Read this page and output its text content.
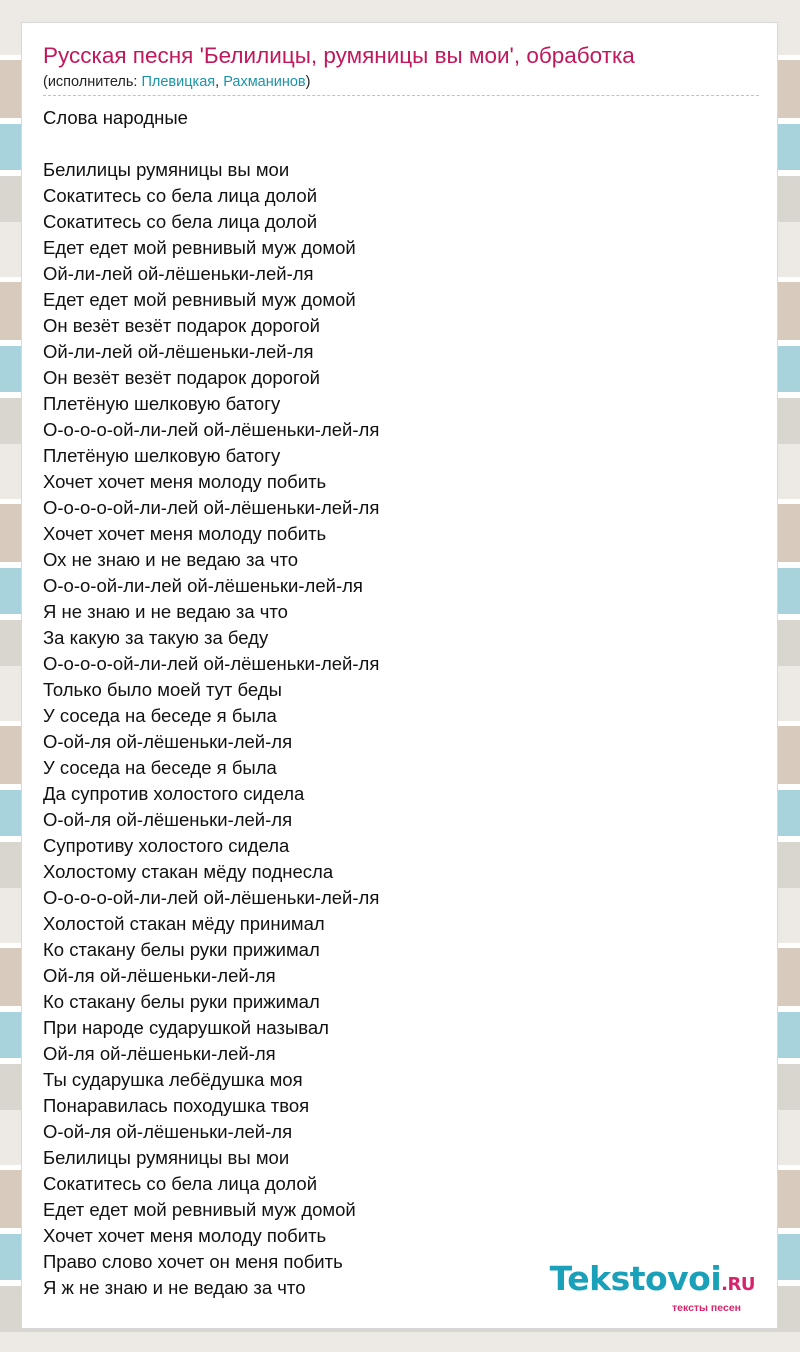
Русская песня 'Белилицы, румяницы вы мои', обработка
(исполнитель: Плевицкая, Рахманинов)
Слова народные
Белилицы румяницы вы мои
Сокатитесь со бела лица долой
Сокатитесь со бела лица долой
Едет едет мой ревнивый муж домой
Ой-ли-лей ой-лёшеньки-лей-ля
Едет едет мой ревнивый муж домой
Он везёт везёт подарок дорогой
Ой-ли-лей ой-лёшеньки-лей-ля
Он везёт везёт подарок дорогой
Плетёную шелковую батогу
О-о-о-о-ой-ли-лей ой-лёшеньки-лей-ля
Плетёную шелковую батогу
Хочет хочет меня молоду побить
О-о-о-о-ой-ли-лей ой-лёшеньки-лей-ля
Хочет хочет меня молоду побить
Ох не знаю и не ведаю за что
О-о-о-ой-ли-лей ой-лёшеньки-лей-ля
Я не знаю и не ведаю за что
За какую за такую за беду
О-о-о-о-ой-ли-лей ой-лёшеньки-лей-ля
Только было моей тут беды
У соседа на беседе я была
О-ой-ля ой-лёшеньки-лей-ля
У соседа на беседе я была
Да супротив холостого сидела
О-ой-ля ой-лёшеньки-лей-ля
Супротиву холостого сидела
Холостому стакан мёду поднесла
О-о-о-о-ой-ли-лей ой-лёшеньки-лей-ля
Холостой стакан мёду принимал
Ко стакану белы руки прижимал
Ой-ля ой-лёшеньки-лей-ля
Ко стакану белы руки прижимал
При народе сударушкой называл
Ой-ля ой-лёшеньки-лей-ля
Ты сударушка лебёдушка моя
Понаравилась походушка твоя
О-ой-ля ой-лёшеньки-лей-ля
Белилицы румяницы вы мои
Сокатитесь со бела лица долой
Едет едет мой ревнивый муж домой
Хочет хочет меня молоду побить
Право слово хочет он меня побить
Я ж не знаю и не ведаю за что	Tekstovoi.RU
тексты песен
